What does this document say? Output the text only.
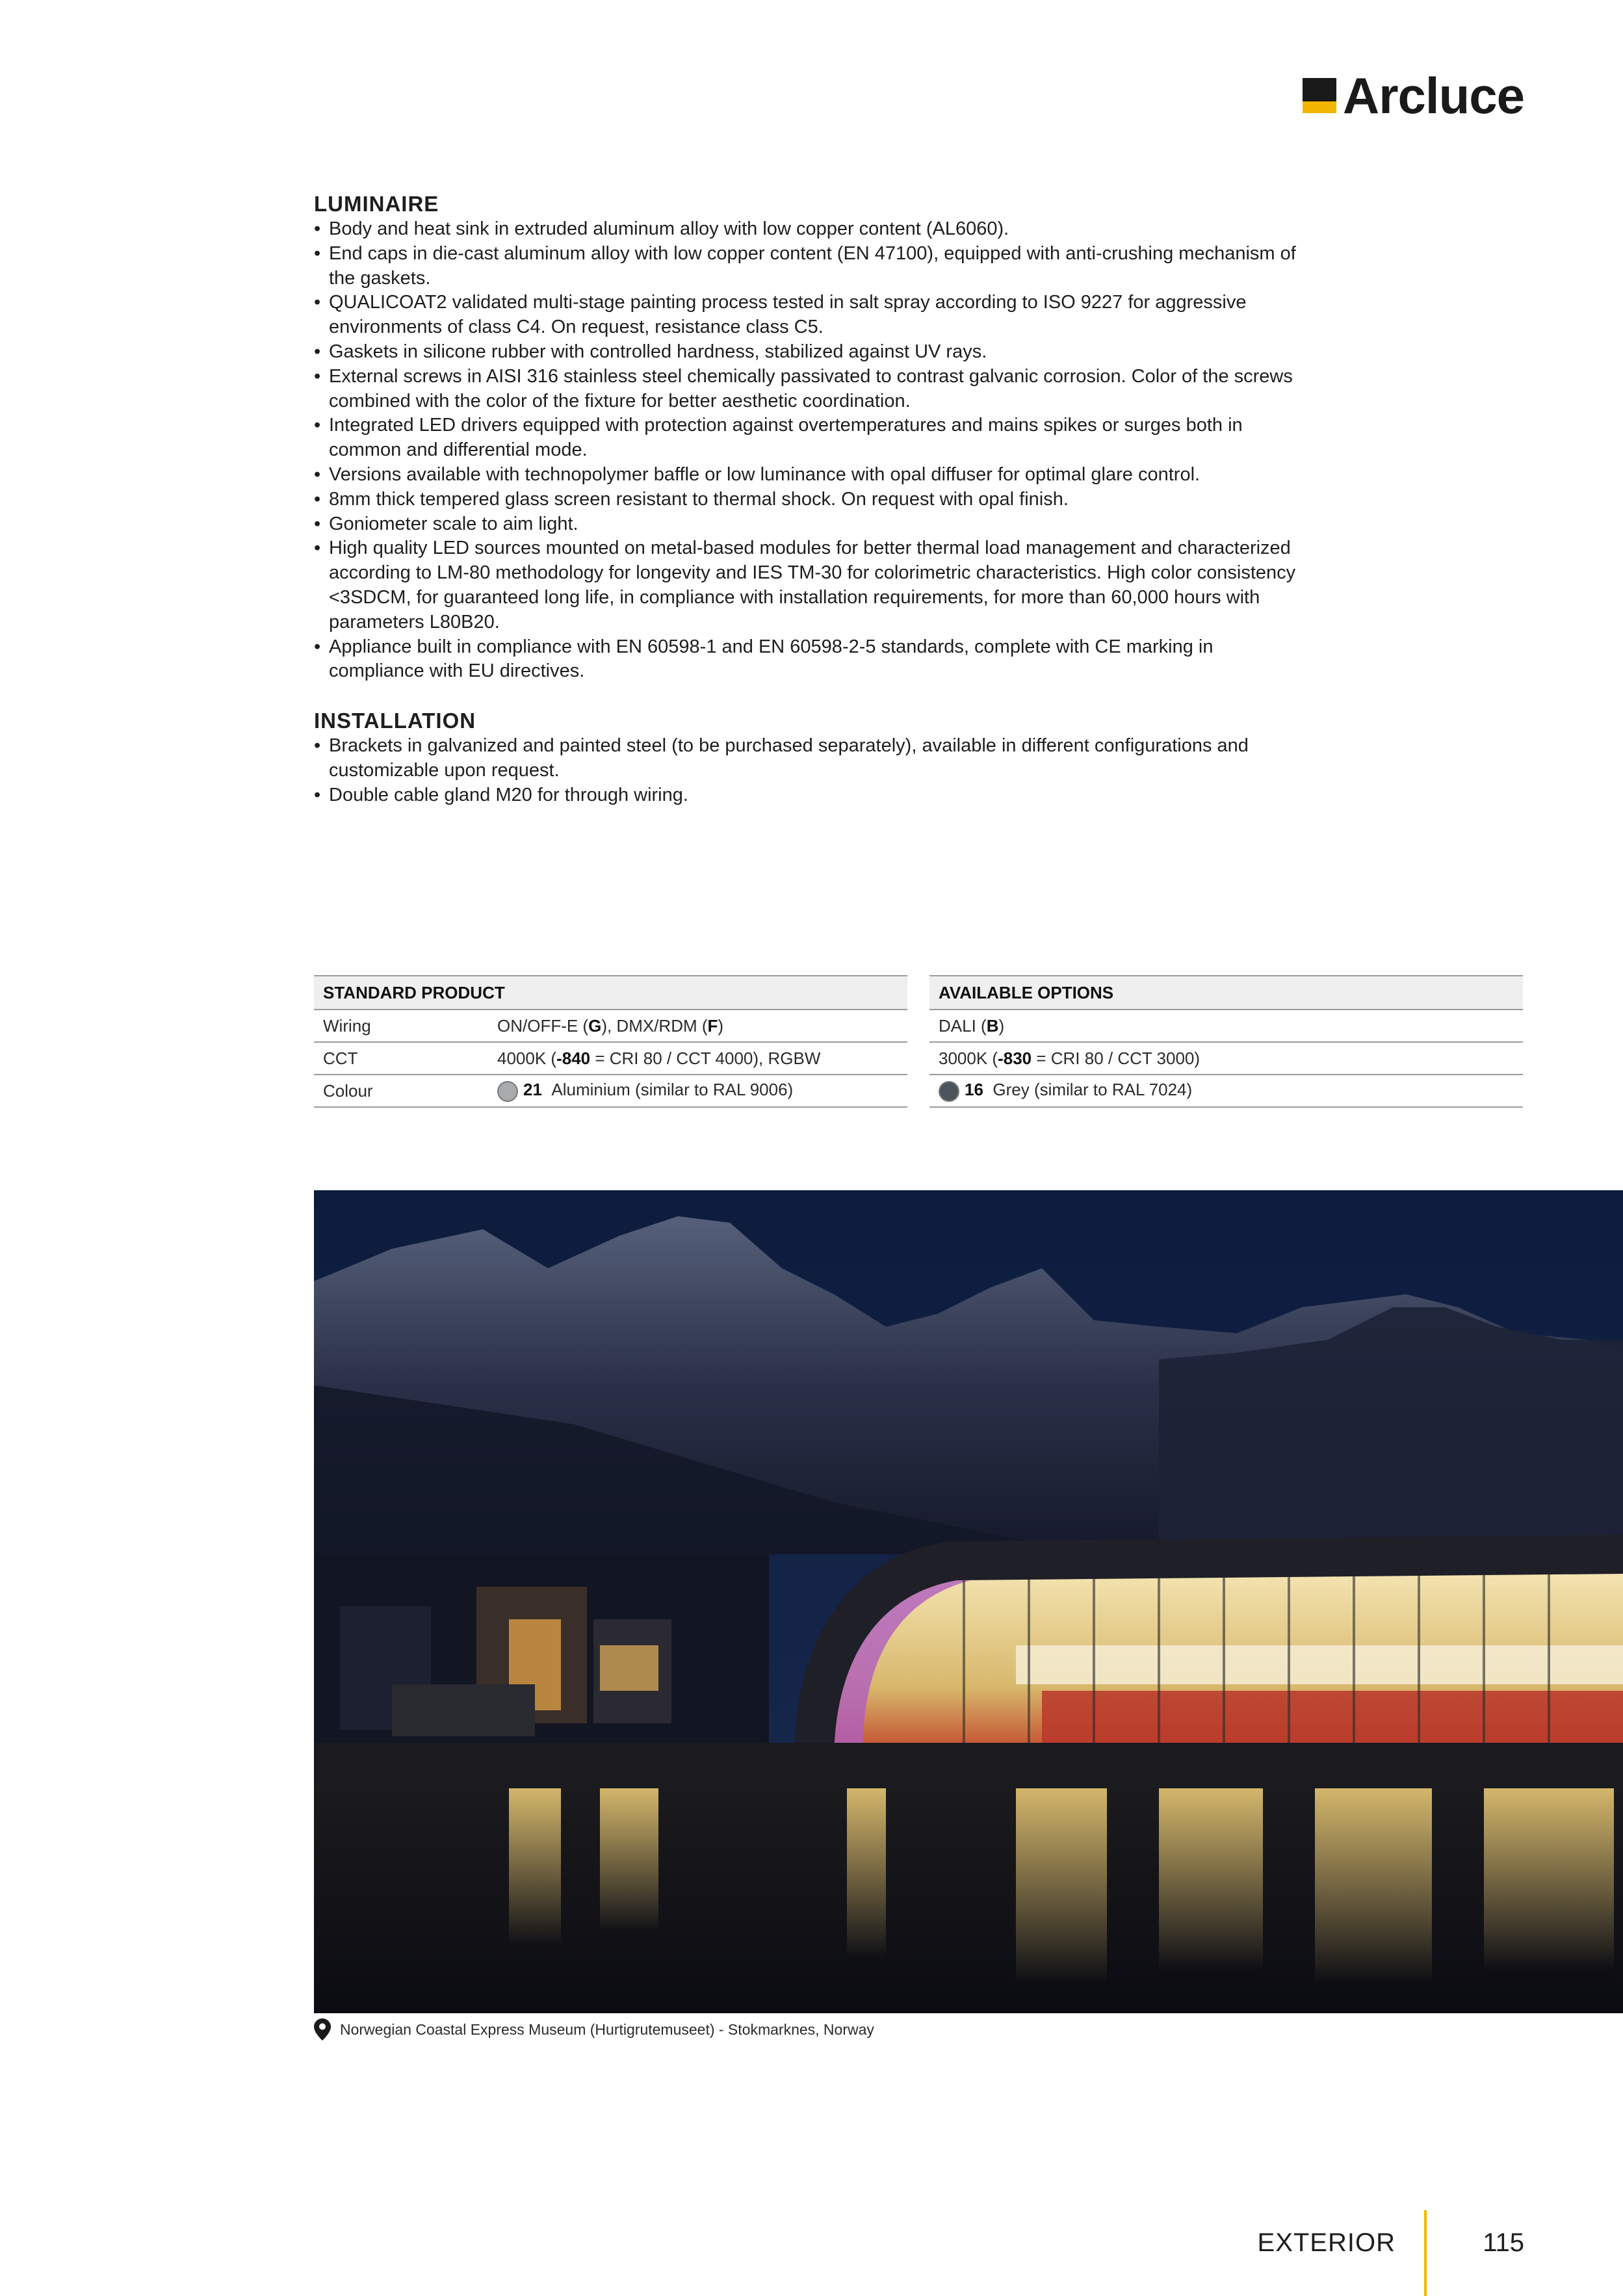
Arcluce
LUMINAIRE
• Body and heat sink in extruded aluminum alloy with low copper content (AL6060).
• End caps in die-cast aluminum alloy with low copper content (EN 47100), equipped with anti-crushing mechanism of the gaskets.
• QUALICOAT2 validated multi-stage painting process tested in salt spray according to ISO 9227 for aggressive environments of class C4. On request, resistance class C5.
• Gaskets in silicone rubber with controlled hardness, stabilized against UV rays.
• External screws in AISI 316 stainless steel chemically passivated to contrast galvanic corrosion. Color of the screws combined with the color of the fixture for better aesthetic coordination.
• Integrated LED drivers equipped with protection against overtemperatures and mains spikes or surges both in common and differential mode.
• Versions available with technopolymer baffle or low luminance with opal diffuser for optimal glare control.
• 8mm thick tempered glass screen resistant to thermal shock. On request with opal finish.
• Goniometer scale to aim light.
• High quality LED sources mounted on metal-based modules for better thermal load management and characterized according to LM-80 methodology for longevity and IES TM-30 for colorimetric characteristics. High color consistency <3SDCM, for guaranteed long life, in compliance with installation requirements, for more than 60,000 hours with parameters L80B20.
• Appliance built in compliance with EN 60598-1 and EN 60598-2-5 standards, complete with CE marking in compliance with EU directives.
INSTALLATION
• Brackets in galvanized and painted steel (to be purchased separately), available in different configurations and customizable upon request.
• Double cable gland M20 for through wiring.
STANDARD PRODUCT	
Wiring	ON/OFF-E (G), DMX/RDM (F)
CCT	4000K (-840 = CRI 80 / CCT 4000), RGBW
Colour	21 Aluminium (similar to RAL 9006)
AVAILABLE OPTIONS
DALI (B)
3000K (-830 = CRI 80 / CCT 3000)
16 Grey (similar to RAL 7024)
Norwegian Coastal Express Museum (Hurtigrutemuseet) - Stokmarknes, Norway
EXTERIOR	115
